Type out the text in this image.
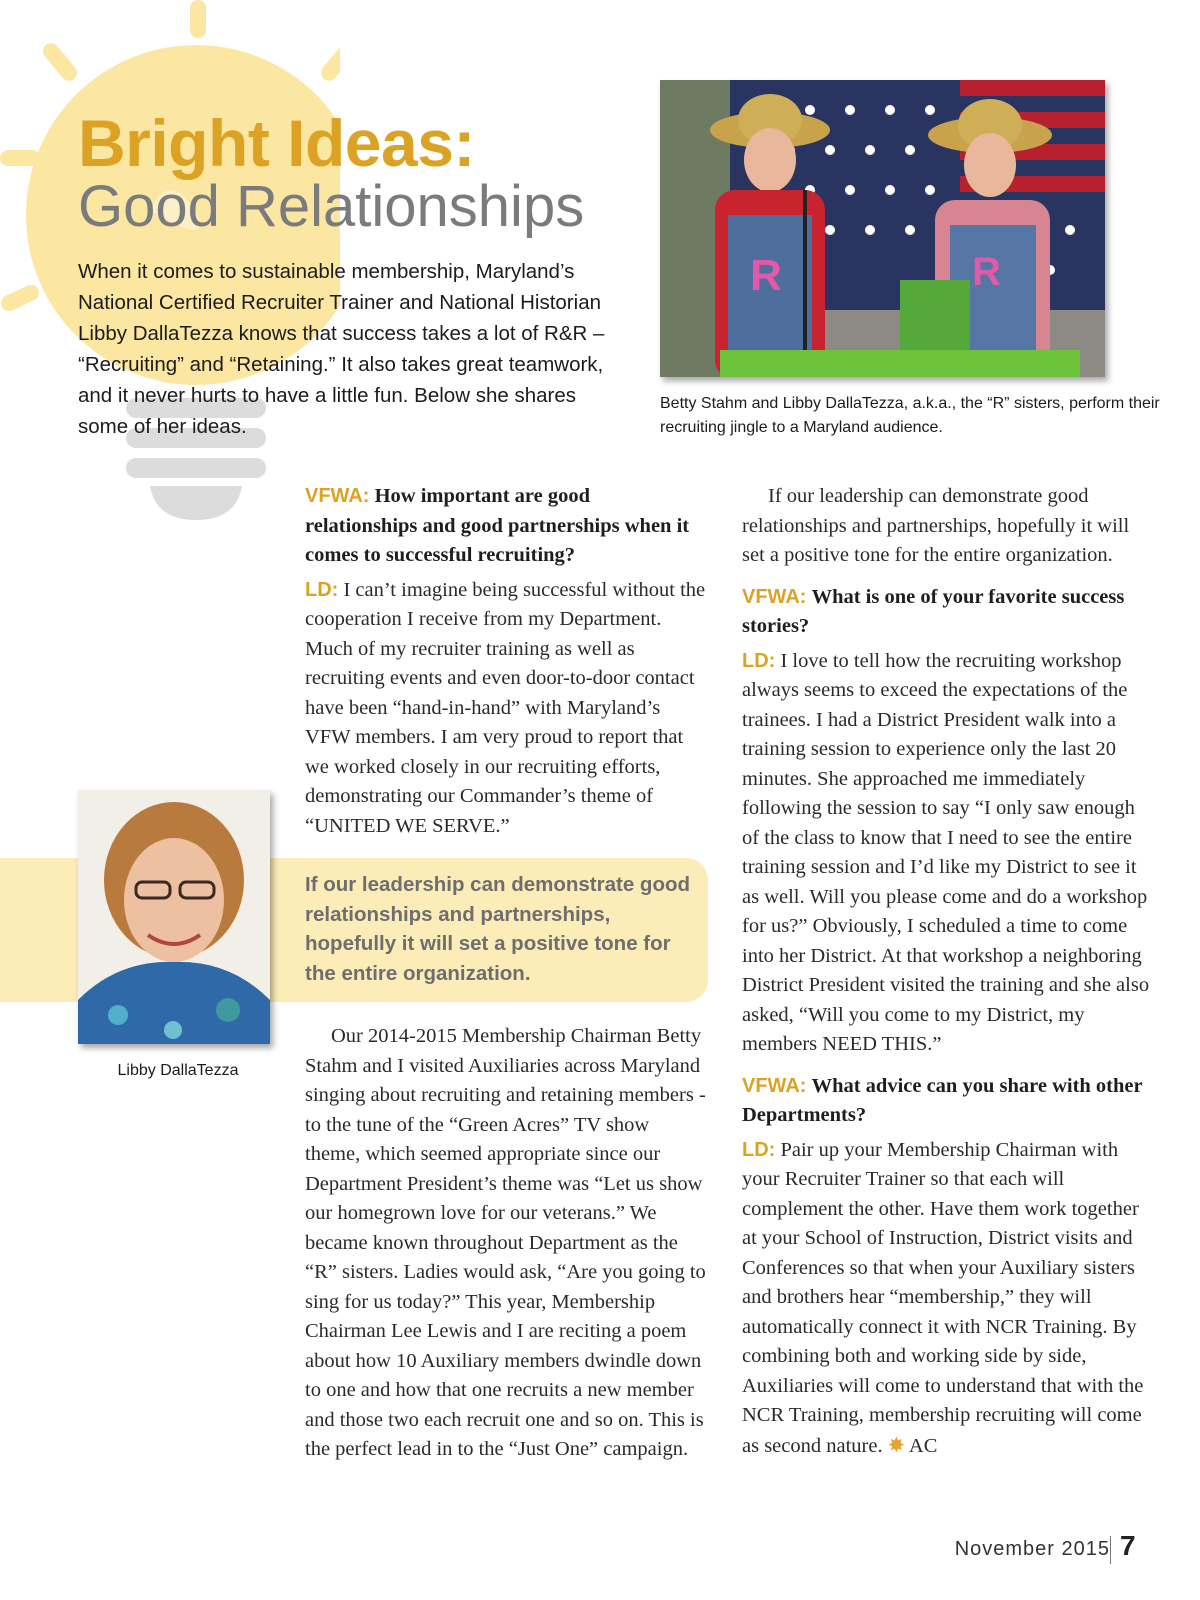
Bright Ideas:
Good Relationships
When it comes to sustainable membership, Maryland’s National Certified Recruiter Trainer and National Historian Libby DallaTezza knows that success takes a lot of R&R – “Recruiting” and “Retaining.” It also takes great teamwork, and it never hurts to have a little fun. Below she shares some of her ideas.
R	R
Betty Stahm and Libby DallaTezza, a.k.a., the “R” sisters, perform their recruiting jingle to a Maryland audience.
If our leadership can demonstrate good relationships and partnerships, hopefully it will set a positive tone for the entire organization.
Libby DallaTezza

VFWA: How important are good relationships and good partnerships when it comes to successful recruiting?

LD: I can’t imagine being successful without the cooperation I receive from my Department. Much of my recruiter training as well as recruiting events and even door-to-door contact have been “hand-in-hand” with Maryland’s VFW members. I am very proud to report that we worked closely in our recruiting efforts, demonstrating our Commander’s theme of “UNITED WE SERVE.”

Our 2014-2015 Membership Chairman Betty Stahm and I visited Auxiliaries across Maryland singing about recruiting and retaining members - to the tune of the “Green Acres” TV show theme, which seemed appropriate since our Department President’s theme was “Let us show our homegrown love for our veterans.” We became known throughout Department as the “R” sisters. Ladies would ask, “Are you going to sing for us today?” This year, Membership Chairman Lee Lewis and I are reciting a poem about how 10 Auxiliary members dwindle down to one and how that one recruits a new member and those two each recruit one and so on. This is the perfect lead in to the “Just One” campaign.

If our leadership can demonstrate good relationships and partnerships, hopefully it will set a positive tone for the entire organization.

VFWA: What is one of your favorite success stories?

LD: I love to tell how the recruiting workshop always seems to exceed the expectations of the trainees. I had a District President walk into a training session to experience only the last 20 minutes. She approached me immediately following the session to say “I only saw enough of the class to know that I need to see the entire training session and I’d like my District to see it as well. Will you please come and do a workshop for us?” Obviously, I scheduled a time to come into her District. At that workshop a neighboring District President visited the training and she also asked, “Will you come to my District, my members NEED THIS.”

VFWA: What advice can you share with other Departments?

LD: Pair up your Membership Chairman with your Recruiter Trainer so that each will complement the other. Have them work together at your School of Instruction, District visits and Conferences so that when your Auxiliary sisters and brothers hear “membership,” they will automatically connect it with NCR Training. By combining both and working side by side, Auxiliaries will come to understand that with the NCR Training, membership recruiting will come as second nature. ✸ AC

November 2015 7
